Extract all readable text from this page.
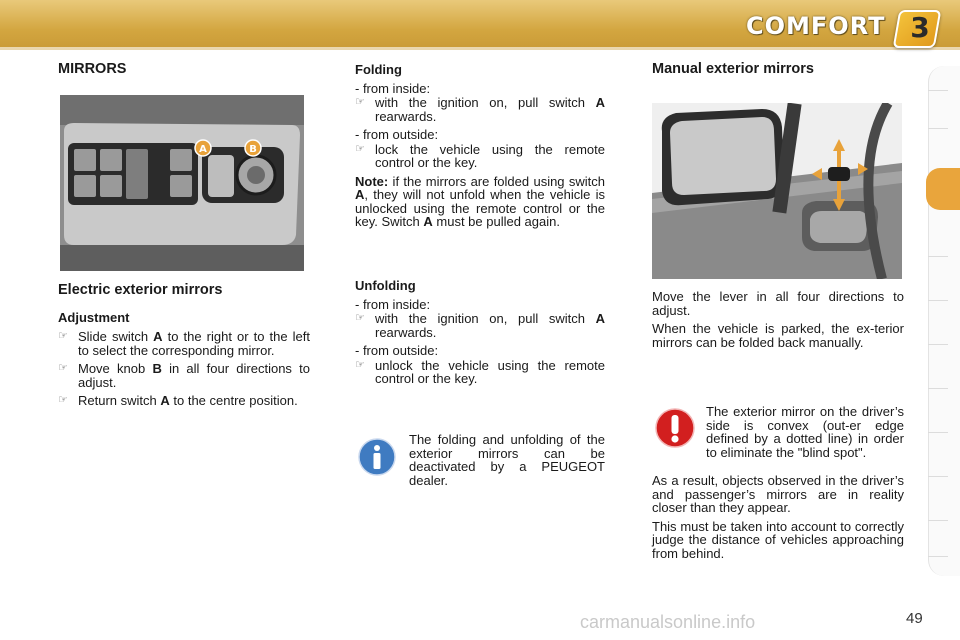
COMFORT 3
MIRRORS
A	B
Electric exterior mirrors
Adjustment

☞ Slide switch A to the right or to the left to select the corresponding mirror.

☞ Move knob B in all four directions to adjust.

☞ Return switch A to the centre position.

Folding

- from inside:

☞ with the ignition on, pull switch A rearwards.

- from outside:

☞ lock the vehicle using the remote control or the key.

Note: if the mirrors are folded using switch A, they will not unfold when the vehicle is unlocked using the remote control or the key. Switch A must be pulled again.

Unfolding

- from inside:

☞ with the ignition on, pull switch A rearwards.

- from outside:

☞ unlock the vehicle using the remote control or the key.

The folding and unfolding of the exterior mirrors can be deactivated by a PEUGEOT dealer.
Manual exterior mirrors

Move the lever in all four directions to adjust.

When the vehicle is parked, the ex-terior mirrors can be folded back manually.

The exterior mirror on the driver’s side is convex (out-er edge defined by a dotted line) in order to eliminate the "blind spot".

As a result, objects observed in the driver’s and passenger’s mirrors are in reality closer than they appear.

This must be taken into account to correctly judge the distance of vehicles approaching from behind.

carmanualsonline.info	49
